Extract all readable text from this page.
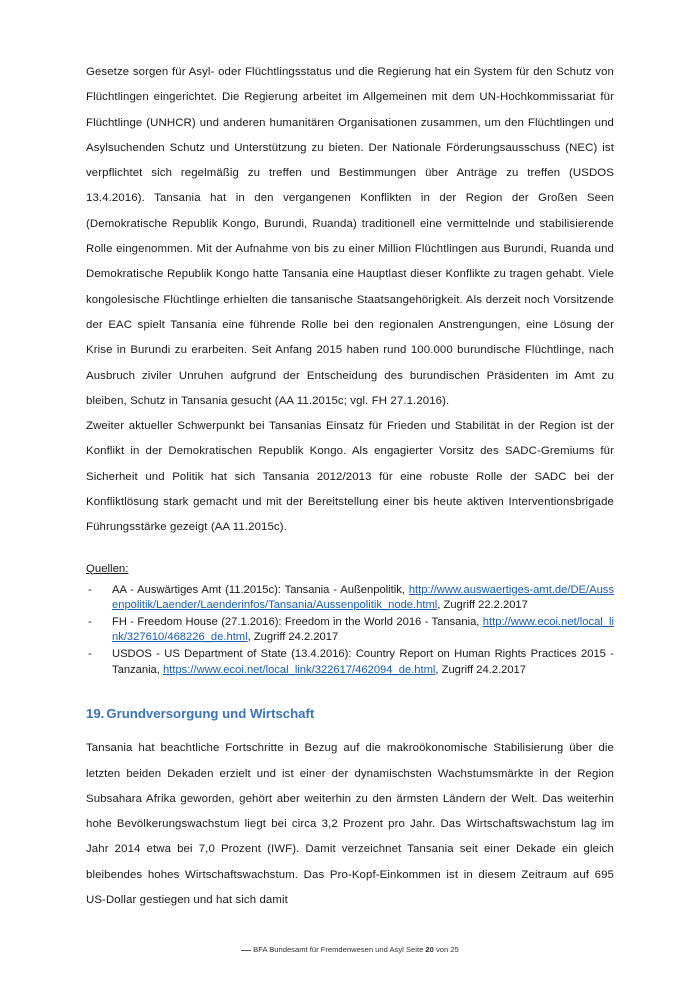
Gesetze sorgen für Asyl- oder Flüchtlingsstatus und die Regierung hat ein System für den Schutz von Flüchtlingen eingerichtet. Die Regierung arbeitet im Allgemeinen mit dem UN-Hochkommissariat für Flüchtlinge (UNHCR) und anderen humanitären Organisationen zusammen, um den Flüchtlingen und Asylsuchenden Schutz und Unterstützung zu bieten. Der Nationale Förderungsausschuss (NEC) ist verpflichtet sich regelmäßig zu treffen und Bestimmungen über Anträge zu treffen (USDOS 13.4.2016). Tansania hat in den vergangenen Konflikten in der Region der Großen Seen (Demokratische Republik Kongo, Burundi, Ruanda) traditionell eine vermittelnde und stabilisierende Rolle eingenommen. Mit der Aufnahme von bis zu einer Million Flüchtlingen aus Burundi, Ruanda und Demokratische Republik Kongo hatte Tansania eine Hauptlast dieser Konflikte zu tragen gehabt. Viele kongolesische Flüchtlinge erhielten die tansanische Staatsangehörigkeit. Als derzeit noch Vorsitzende der EAC spielt Tansania eine führende Rolle bei den regionalen Anstrengungen, eine Lösung der Krise in Burundi zu erarbeiten. Seit Anfang 2015 haben rund 100.000 burundische Flüchtlinge, nach Ausbruch ziviler Unruhen aufgrund der Entscheidung des burundischen Präsidenten im Amt zu bleiben, Schutz in Tansania gesucht (AA 11.2015c; vgl. FH 27.1.2016).

Zweiter aktueller Schwerpunkt bei Tansanias Einsatz für Frieden und Stabilität in der Region ist der Konflikt in der Demokratischen Republik Kongo. Als engagierter Vorsitz des SADC-Gremiums für Sicherheit und Politik hat sich Tansania 2012/2013 für eine robuste Rolle der SADC bei der Konfliktlösung stark gemacht und mit der Bereitstellung einer bis heute aktiven Interventionsbrigade Führungsstärke gezeigt (AA 11.2015c).

Quellen:
- AA - Auswärtiges Amt (11.2015c): Tansania - Außenpolitik, http://www.auswaertiges-amt.de/DE/Aussenpolitik/Laender/Laenderinfos/Tansania/Aussenpolitik_node.html, Zugriff 22.2.2017
- FH - Freedom House (27.1.2016): Freedom in the World 2016 - Tansania, http://www.ecoi.net/local_link/327610/468226_de.html, Zugriff 24.2.2017
- USDOS - US Department of State (13.4.2016): Country Report on Human Rights Practices 2015 - Tanzania, https://www.ecoi.net/local_link/322617/462094_de.html, Zugriff 24.2.2017
19. Grundversorgung und Wirtschaft

Tansania hat beachtliche Fortschritte in Bezug auf die makroökonomische Stabilisierung über die letzten beiden Dekaden erzielt und ist einer der dynamischsten Wachstumsmärkte in der Region Subsahara Afrika geworden, gehört aber weiterhin zu den ärmsten Ländern der Welt. Das weiterhin hohe Bevölkerungswachstum liegt bei circa 3,2 Prozent pro Jahr. Das Wirtschaftswachstum lag im Jahr 2014 etwa bei 7,0 Prozent (IWF). Damit verzeichnet Tansania seit einer Dekade ein gleich bleibendes hohes Wirtschaftswachstum. Das Pro-Kopf-Einkommen ist in diesem Zeitraum auf 695 US-Dollar gestiegen und hat sich damit

BFA Bundesamt für Fremdenwesen und Asyl Seite 20 von 25
